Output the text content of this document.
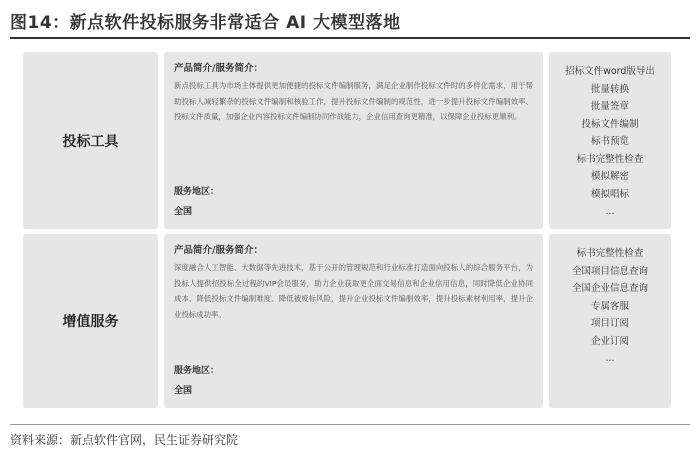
图14：新点软件投标服务非常适合 AI 大模型落地
投标工具
产品简介/服务简介：
新点投标工具为市场主体提供更加便捷的投标文件编制服务，满足企业制作投标文件时的多样化需求，用于帮助投标人减轻繁杂的投标文件编制和核验工作，提升投标文件编制的规范性，进一步提升投标文件编制效率、投标文件质量，加强企业内容投标文件编制协同作战能力，企业信用查询更精准，以保障企业投标更顺利。
服务地区：
全国
招标文件word版导出
批量转换
批量签章
投标文件编制
标书预览
标书完整性检查
模拟解密
模拟唱标
...
增值服务
产品简介/服务简介：
深度融合人工智能、大数据等先进技术，基于公开的管理规范和行业标准打造面向投标人的综合服务平台，为投标人提供招投标全过程的VIP会员服务，助力企业获取更全面交易信息和企业信用信息，同时降低企业协同成本、降低投标文件编制难度、降低被废标风险，提升企业投标文件编制效率，提升投标素材利用率，提升企业投标成功率。
服务地区：
全国
标书完整性检查
全国项目信息查询
全国企业信息查询
专属客服
项目订阅
企业订阅
...
资料来源：新点软件官网，民生证券研究院
